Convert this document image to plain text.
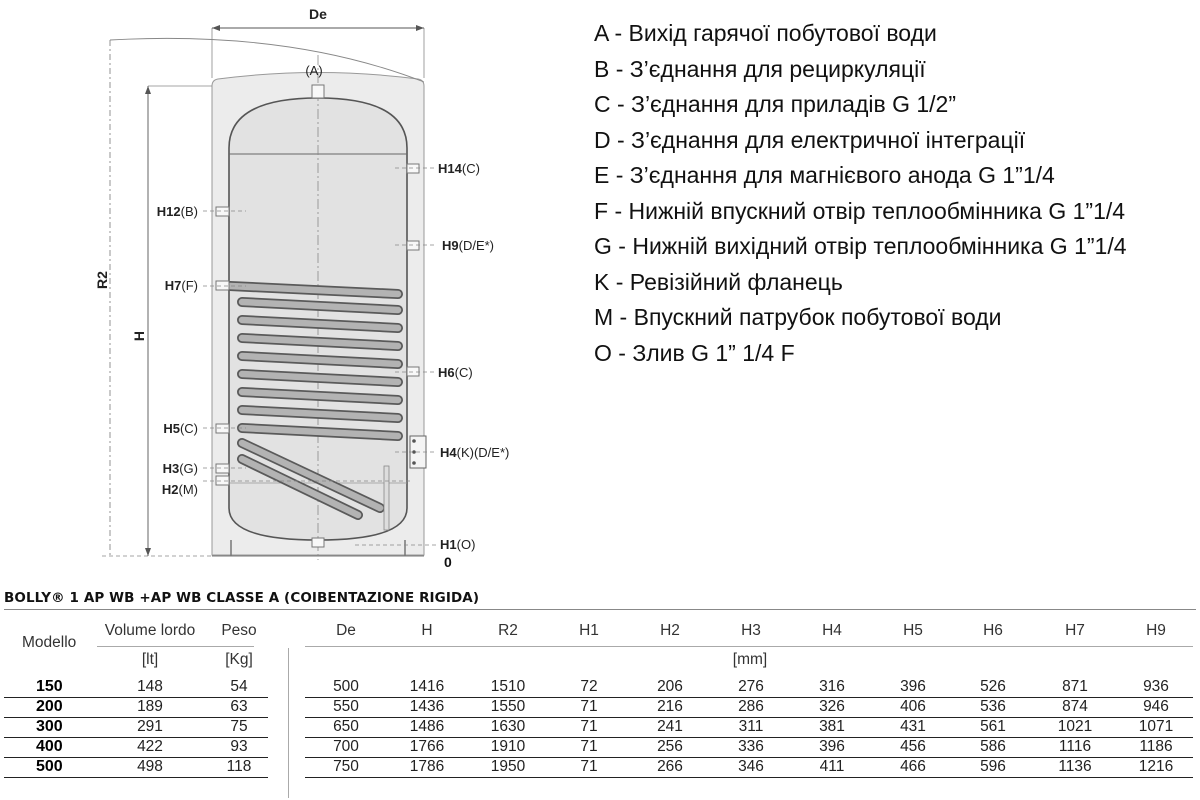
De
R2
H
(A)
H14(C)
H12(B)
H9(D/E*)
H7(F)
H6(C)
H5(C)
H4(K)(D/E*)
H3(G)
H2(M)
H1(O)
0
A - Вихід гарячої побутової води
B - З’єднання для рециркуляції
C - З’єднання для приладів G 1/2”
D - З’єднання для електричної інтеграції
E - З’єднання для магнієвого анода G 1”1/4
F - Нижній впускний отвір теплообмінника G 1”1/4
G - Нижній вихідний отвір теплообмінника G 1”1/4
K - Ревізійний фланець
M - Впускний патрубок побутової води
O - Злив G 1” 1/4 F
BOLLY® 1 AP WB +AP WB CLASSE A (COIBENTAZIONE RIGIDA)
Modello
Volume lordo	Peso
[lt]	[Kg]	[mm]
De	H	R2	H1	H2	H3	H4	H5	H6	H7	H9
150	148	54	500	1416	1510	72	206	276	316	396	526	871	936
200	189	63	550	1436	1550	71	216	286	326	406	536	874	946
300	291	75	650	1486	1630	71	241	311	381	431	561	1021	1071
400	422	93	700	1766	1910	71	256	336	396	456	586	1116	1186
500	498	118	750	1786	1950	71	266	346	411	466	596	1136	1216
